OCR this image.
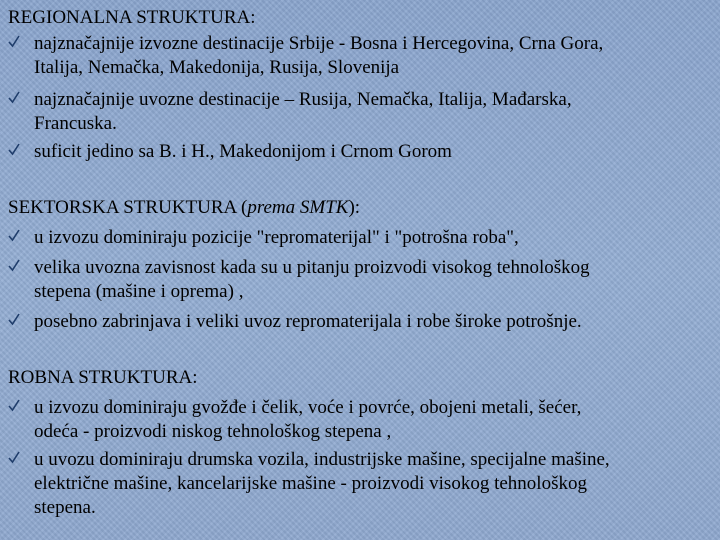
REGIONALNA STRUKTURA:
najznačajnije izvozne destinacije Srbije - Bosna i Hercegovina, Crna Gora,
Italija, Nemačka, Makedonija, Rusija, Slovenija
najznačajnije uvozne destinacije – Rusija, Nemačka, Italija, Mađarska,
Francuska.
suficit jedino sa B. i H., Makedonijom i Crnom Gorom
SEKTORSKA STRUKTURA (prema SMTK):
u izvozu dominiraju pozicije "repromaterijal" i "potrošna roba",
velika uvozna zavisnost kada su u pitanju proizvodi visokog tehnološkog
stepena (mašine i oprema) ,
posebno zabrinjava i veliki uvoz repromaterijala i robe široke potrošnje.
ROBNA STRUKTURA:
u izvozu dominiraju gvožđe i čelik, voće i povrće, obojeni metali, šećer,
odeća - proizvodi niskog tehnološkog stepena ,
u uvozu dominiraju drumska vozila, industrijske mašine, specijalne mašine,
električne mašine, kancelarijske mašine - proizvodi visokog tehnološkog
stepena.
